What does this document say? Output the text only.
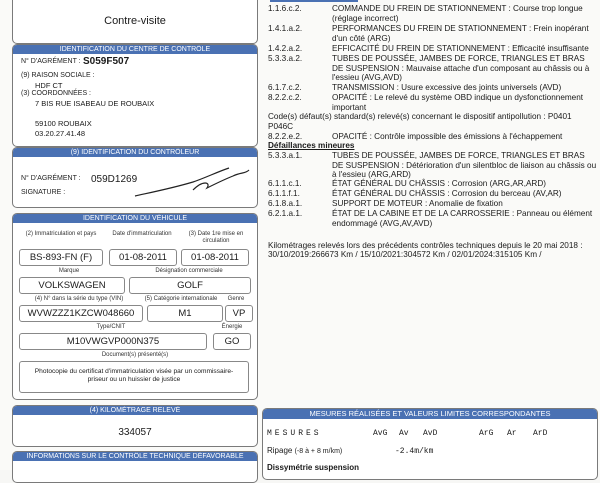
Contre-visite
IDENTIFICATION DU CENTRE DE CONTRÔLE
N° D'AGRÉMENT : S059F507
(9) RAISON SOCIALE :
HDF CT
(3) COORDONNÉES :
7 BIS RUE ISABEAU DE ROUBAIX
59100 ROUBAIX
03.20.27.41.48
(9) IDENTIFICATION DU CONTRÔLEUR
N° D'AGRÉMENT : 059D1269
SIGNATURE :
IDENTIFICATION DU VÉHICULE
(2) Immatriculation et pays	Date d'immatriculation	(3) Date 1re mise en circulation
BS-893-FN (F)	01-08-2011	01-08-2011
Marque	Désignation commerciale
VOLKSWAGEN	GOLF
(4) N° dans la série du type (VIN)	(5) Catégorie internationale	Genre
WVWZZZ1KZCW048660	M1	VP
Type/CNIT	Énergie
M10VWGVP000N375	GO
Document(s) présenté(s)
Photocopie du certificat d'immatriculation visée par un commissaire-priseur ou un huissier de justice
(4) KILOMÉTRAGE RELEVÉ
334057
INFORMATIONS SUR LE CONTRÔLE TECHNIQUE DÉFAVORABLE
1.1.6.c.2.	COMMANDE DU FREIN DE STATIONNEMENT : Course trop longue (réglage incorrect)
1.4.1.a.2.	PERFORMANCES DU FREIN DE STATIONNEMENT : Frein inopérant d'un côté (ARG)
1.4.2.a.2.	EFFICACITÉ DU FREIN DE STATIONNEMENT : Efficacité insuffisante
5.3.3.a.2.	TUBES DE POUSSÉE, JAMBES DE FORCE, TRIANGLES ET BRAS DE SUSPENSION : Mauvaise attache d'un composant au châssis ou à l'essieu (AVG,AVD)
6.1.7.c.2.	TRANSMISSION : Usure excessive des joints universels (AVD)
8.2.2.c.2.	OPACITÉ : Le relevé du système OBD indique un dysfonctionnement important
Code(s) défaut(s) standard(s) relevé(s) concernant le dispositif antipollution : P0401 P046C
8.2.2.e.2.	OPACITÉ : Contrôle impossible des émissions à l'échappement
Défaillances mineures
5.3.3.a.1.	TUBES DE POUSSÉE, JAMBES DE FORCE, TRIANGLES ET BRAS DE SUSPENSION : Détérioration d'un silentbloc de liaison au châssis ou à l'essieu (ARG,ARD)
6.1.1.c.1.	ÉTAT GÉNÉRAL DU CHÂSSIS : Corrosion (ARG,AR,ARD)
6.1.1.f.1.	ÉTAT GÉNÉRAL DU CHÂSSIS : Corrosion du berceau (AV,AR)
6.1.8.a.1.	SUPPORT DE MOTEUR : Anomalie de fixation
6.2.1.a.1.	ÉTAT DE LA CABINE ET DE LA CARROSSERIE : Panneau ou élément endommagé (AVG,AV,AVD)
Kilométrages relevés lors des précédents contrôles techniques depuis le 20 mai 2018 : 30/10/2019:266673 Km / 15/10/2021:304572 Km / 02/01/2024:315105 Km /
MESURES RÉALISÉES ET VALEURS LIMITES CORRESPONDANTES
MESURES	AvG Av AvD	ArG Ar ArD
Ripage (-8 à + 8 m/km)	-2.4m/km
Dissymétrie suspension
